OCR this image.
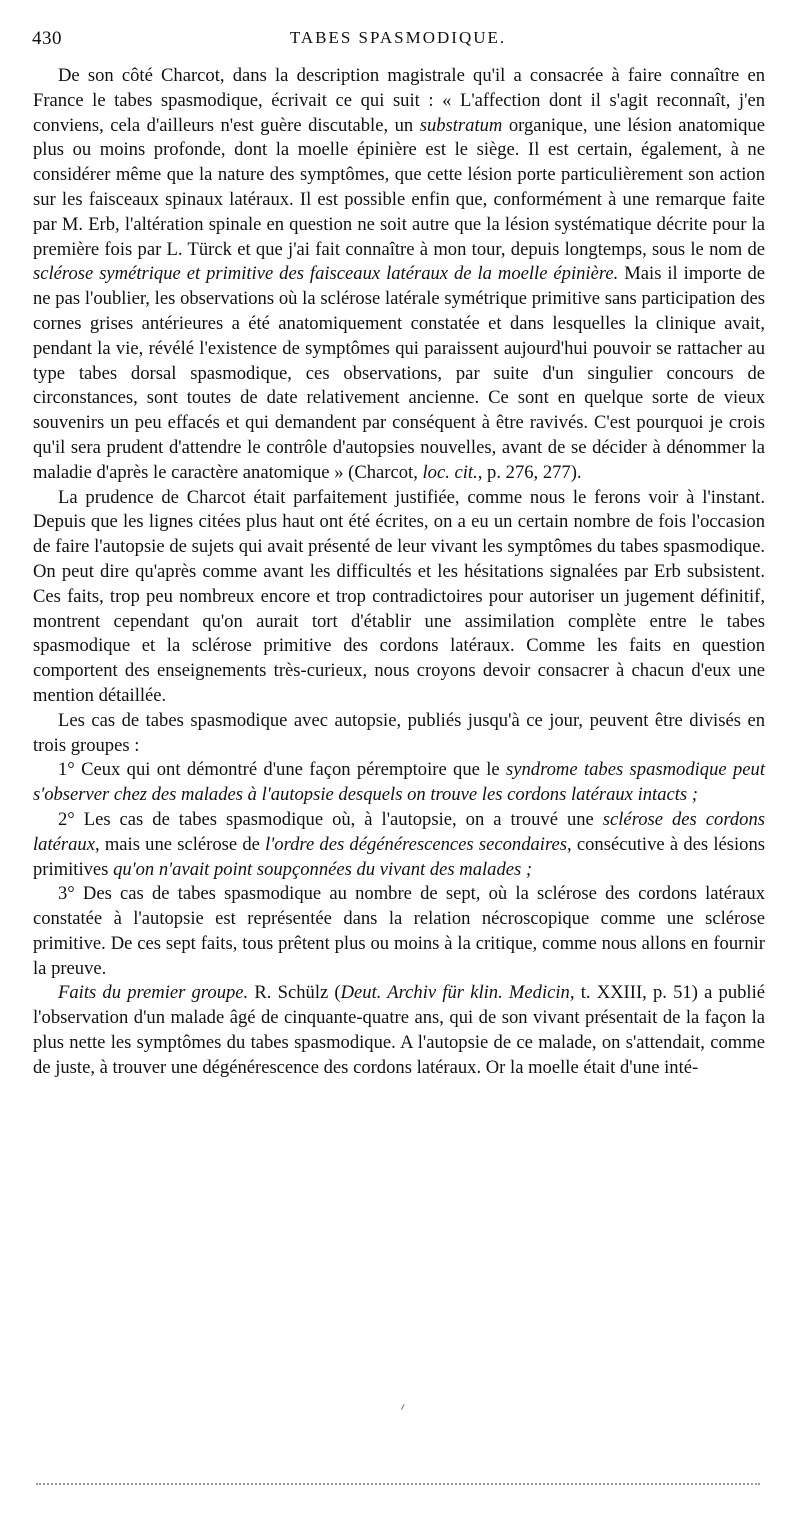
430	TABES SPASMODIQUE.

De son côté Charcot, dans la description magistrale qu'il a consacrée à faire connaître en France le tabes spasmodique, écrivait ce qui suit : « L'affection dont il s'agit reconnaît, j'en conviens, cela d'ailleurs n'est guère discutable, un substratum organique, une lésion anatomique plus ou moins profonde, dont la moelle épinière est le siège. Il est certain, également, à ne considérer même que la nature des symptômes, que cette lésion porte particulièrement son action sur les faisceaux spinaux latéraux. Il est possible enfin que, conformément à une remarque faite par M. Erb, l'altération spinale en question ne soit autre que la lésion systématique décrite pour la première fois par L. Türck et que j'ai fait connaître à mon tour, depuis longtemps, sous le nom de sclérose symétrique et primitive des faisceaux latéraux de la moelle épinière. Mais il importe de ne pas l'oublier, les observations où la sclérose latérale symétrique primitive sans participation des cornes grises antérieures a été anatomiquement constatée et dans lesquelles la clinique avait, pendant la vie, révélé l'existence de symptômes qui paraissent aujourd'hui pouvoir se rattacher au type tabes dorsal spasmodique, ces observations, par suite d'un singulier concours de circonstances, sont toutes de date relativement ancienne. Ce sont en quelque sorte de vieux souvenirs un peu effacés et qui demandent par conséquent à être ravivés. C'est pourquoi je crois qu'il sera prudent d'attendre le contrôle d'autopsies nouvelles, avant de se décider à dénommer la maladie d'après le caractère anatomique » (Charcot, loc. cit., p. 276, 277).

La prudence de Charcot était parfaitement justifiée, comme nous le ferons voir à l'instant. Depuis que les lignes citées plus haut ont été écrites, on a eu un certain nombre de fois l'occasion de faire l'autopsie de sujets qui avait présenté de leur vivant les symptômes du tabes spasmodique. On peut dire qu'après comme avant les difficultés et les hésitations signalées par Erb subsistent. Ces faits, trop peu nombreux encore et trop contradictoires pour autoriser un jugement définitif, montrent cependant qu'on aurait tort d'établir une assimilation complète entre le tabes spasmodique et la sclérose primitive des cordons latéraux. Comme les faits en question comportent des enseignements très-curieux, nous croyons devoir consacrer à chacun d'eux une mention détaillée.

Les cas de tabes spasmodique avec autopsie, publiés jusqu'à ce jour, peuvent être divisés en trois groupes :

1° Ceux qui ont démontré d'une façon péremptoire que le syndrome tabes spasmodique peut s'observer chez des malades à l'autopsie desquels on trouve les cordons latéraux intacts ;

2° Les cas de tabes spasmodique où, à l'autopsie, on a trouvé une sclérose des cordons latéraux, mais une sclérose de l'ordre des dégénérescences secondaires, consécutive à des lésions primitives qu'on n'avait point soupçonnées du vivant des malades ;

3° Des cas de tabes spasmodique au nombre de sept, où la sclérose des cordons latéraux constatée à l'autopsie est représentée dans la relation nécroscopique comme une sclérose primitive. De ces sept faits, tous prêtent plus ou moins à la critique, comme nous allons en fournir la preuve.

Faits du premier groupe. R. Schülz (Deut. Archiv für klin. Medicin, t. XXIII, p. 51) a publié l'observation d'un malade âgé de cinquante-quatre ans, qui de son vivant présentait de la façon la plus nette les symptômes du tabes spasmodique. A l'autopsie de ce malade, on s'attendait, comme de juste, à trouver une dégénérescence des cordons latéraux. Or la moelle était d'une inté-
